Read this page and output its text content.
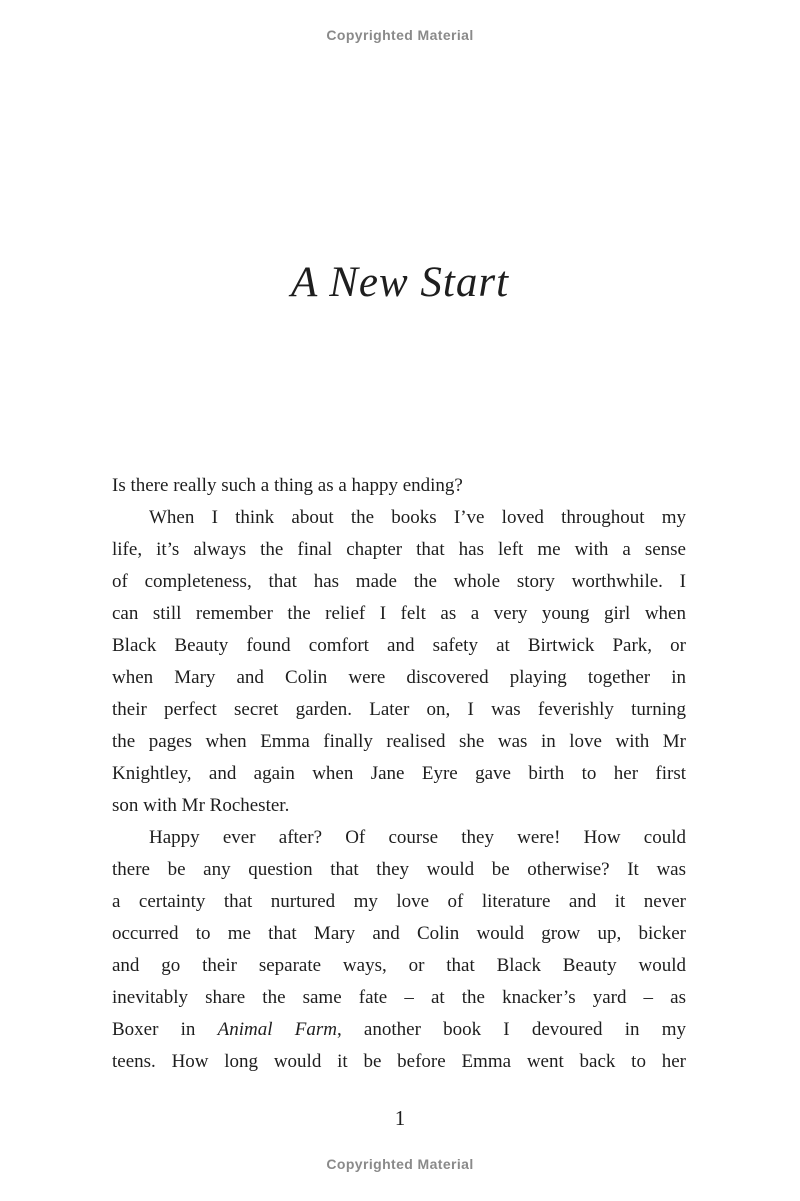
Copyrighted Material
A New Start
Is there really such a thing as a happy ending?
When I think about the books I’ve loved throughout my
life, it’s always the final chapter that has left me with a sense
of completeness, that has made the whole story worthwhile. I
can still remember the relief I felt as a very young girl when
Black Beauty found comfort and safety at Birtwick Park, or
when Mary and Colin were discovered playing together in
their perfect secret garden. Later on, I was feverishly turning
the pages when Emma finally realised she was in love with Mr
Knightley, and again when Jane Eyre gave birth to her first
son with Mr Rochester.
Happy ever after? Of course they were! How could
there be any question that they would be otherwise? It was
a certainty that nurtured my love of literature and it never
occurred to me that Mary and Colin would grow up, bicker
and go their separate ways, or that Black Beauty would
inevitably share the same fate – at the knacker’s yard – as
Boxer in Animal Farm, another book I devoured in my
teens. How long would it be before Emma went back to her
1
Copyrighted Material
